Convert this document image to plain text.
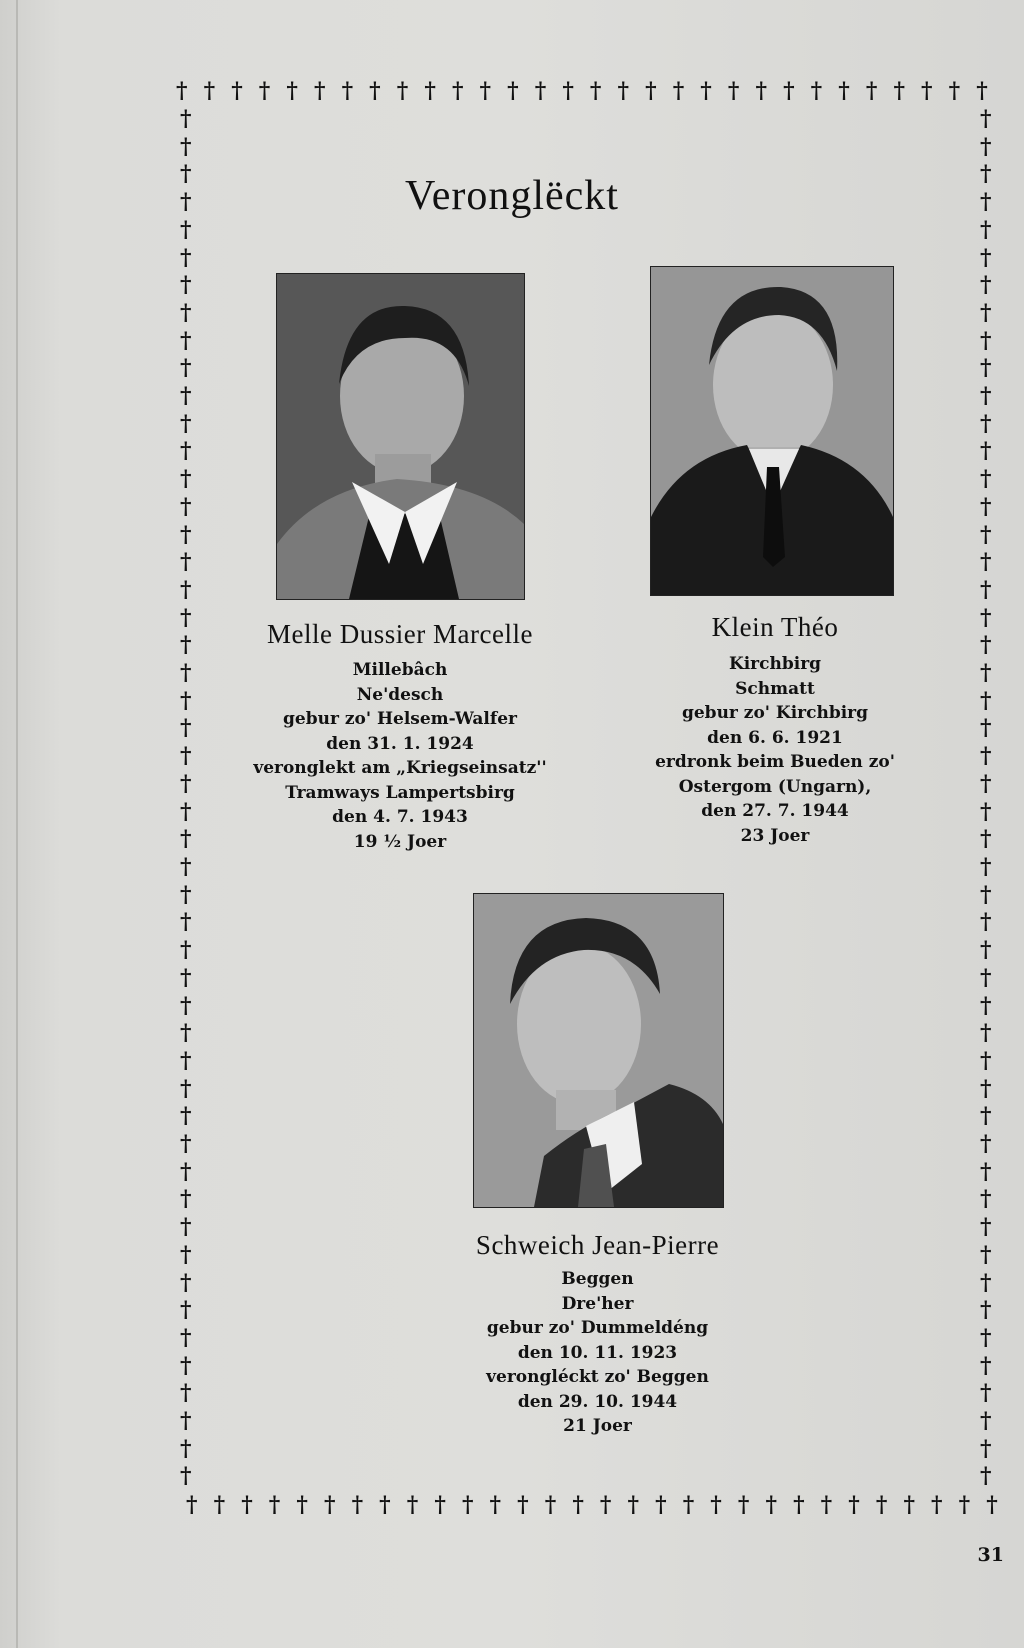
† † † † † † † † † † † † † † † † † † † † † † † † † † † † † †
† † † † † † † † † † † † † † † † † † † † † † † † † † † † † †
†
†
†
†
†
†
†
†
†
†
†
†
†
†
†
†
†
†
†
†
†
†
†
†
†
†
†
†
†
†
†
†
†
†
†
†
†
†
†
†
†
†
†
†
†
†
†
†
†
†
†
†
†
†
†
†
†
†
†
†
†
†
†
†
†
†
†
†
†
†
†
†
†
†
†
†
†
†
†
†
†
†
†
†
†
†
†
†
†
†
†
†
†
†
†
†
†
†
†
†
Veronglëckt
Melle Dussier Marcelle
Millebâch
Ne'desch
gebur zo' Helsem-Walfer
den 31. 1. 1924
veronglekt am „Kriegseinsatz''
Tramways Lampertsbirg
den 4. 7. 1943
19 ½ Joer
Klein Théo
Kirchbirg
Schmatt
gebur zo' Kirchbirg
den 6. 6. 1921
erdronk beim Bueden zo'
Ostergom (Ungarn),
den 27. 7. 1944
23 Joer
Schweich Jean-Pierre
Beggen
Dre'her
gebur zo' Dummeldéng
den 10. 11. 1923
verongléckt zo' Beggen
den 29. 10. 1944
21 Joer
31
